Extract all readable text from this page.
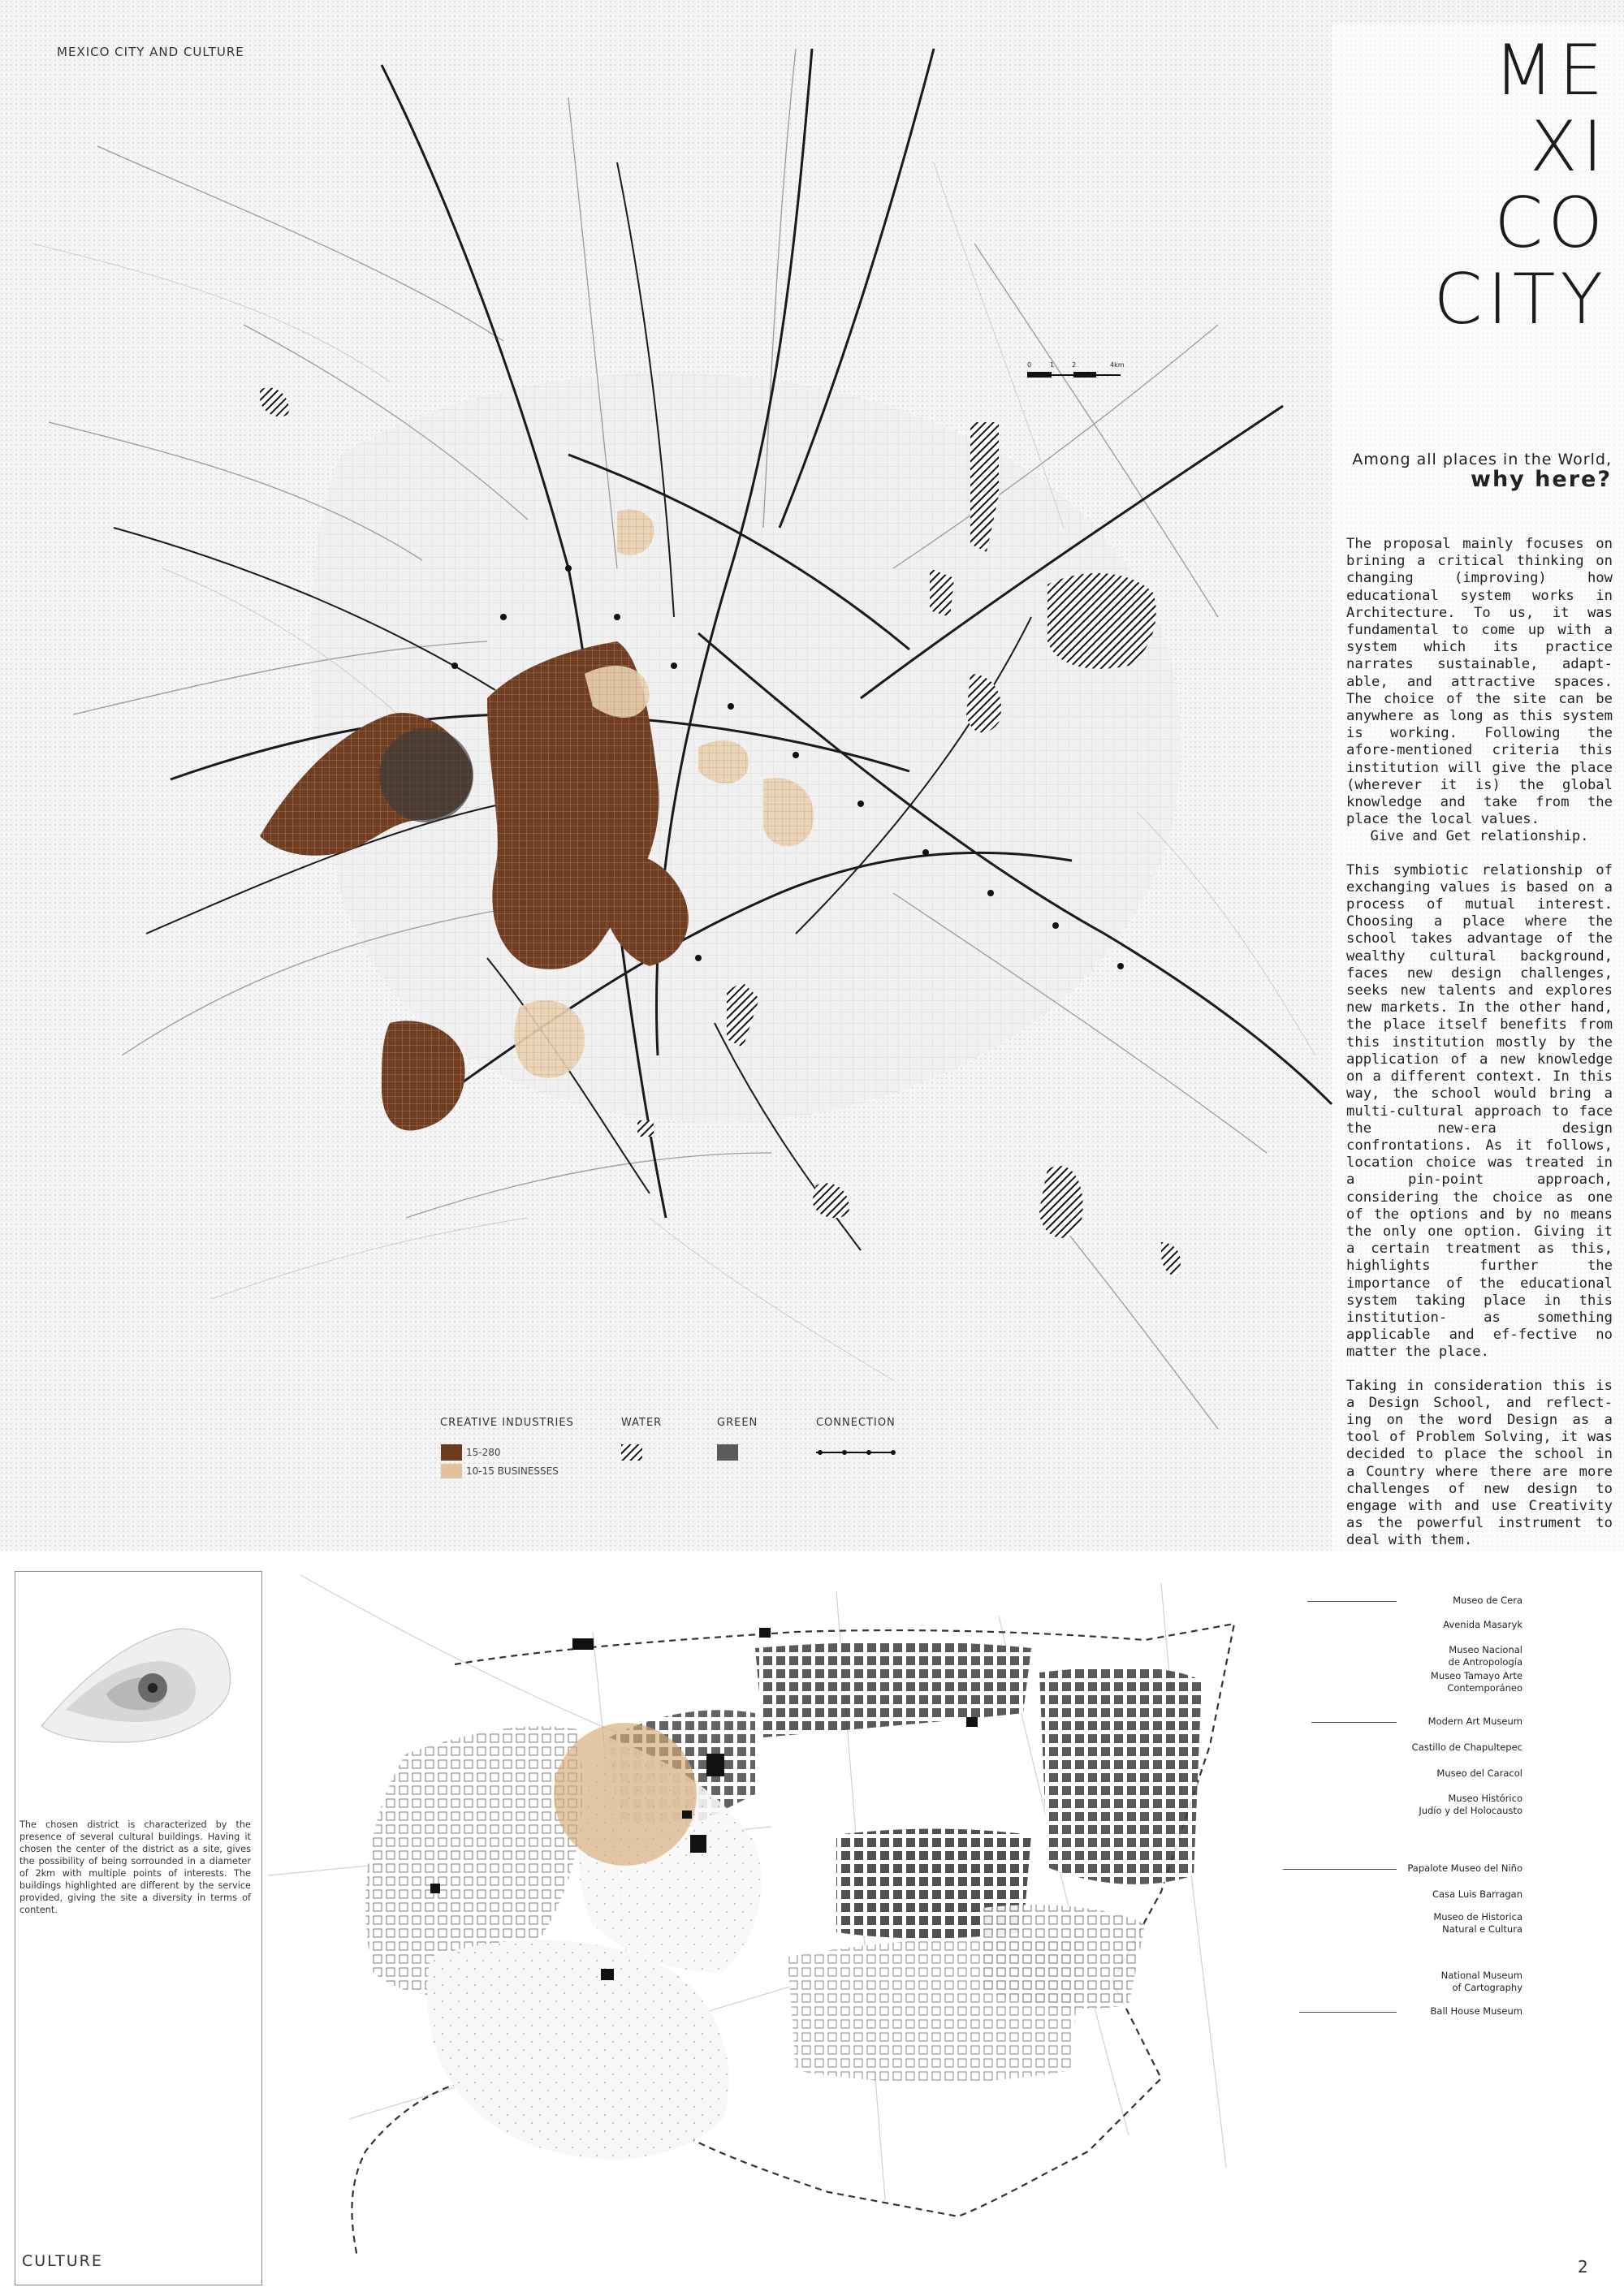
MEXICO CITY AND CULTURE	ME
XI
CO
CITY
0	1	2	4km
Among all places in the World,
why here?

The proposal mainly focuses on brining a critical thinking on changing (improving) how educational system works in Architecture. To us, it was fundamental to come up with a system which its practice narrates sustainable, adapt-able, and attractive spaces. The choice of the site can be anywhere as long as this system is working. Following the afore-mentioned criteria this institution will give the place (wherever it is) the global knowledge and take from the place the local values.

Give and Get relationship.

This symbiotic relationship of exchanging values is based on a process of mutual interest. Choosing a place where the school takes advantage of the wealthy cultural background, faces new design challenges, seeks new talents and explores new markets. In the other hand, the place itself benefits from this institution mostly by the application of a new knowledge on a different context. In this way, the school would bring a multi-cultural approach to face the new-era design confrontations. As it follows, location choice was treated in a pin-point approach, considering the choice as one of the options and by no means the only one option. Giving it a certain treatment as this, highlights further the importance of the educational system taking place in this institution- as something applicable and ef-fective no matter the place.

Taking in consideration this is a Design School, and reflect-ing on the word Design as a tool of Problem Solving, it was decided to place the school in a Country where there are more challenges of new design to engage with and use Creativity as the powerful instrument to deal with them.

CREATIVE INDUSTRIES
15-280
10-15 BUSINESSES
WATER	GREEN	CONNECTION
The chosen district is characterized by the presence of several cultural buildings. Having it chosen the center of the district as a site, gives the possibility of being sorrounded in a diameter of 2km with multiple points of interests. The buildings highlighted are different by the service provided, giving the site a diversity in terms of content.
CULTURE
Museo de Cera
Avenida Masaryk
Museo Nacional
de Antropología
Museo Tamayo Arte
Contemporáneo
Modern Art Museum
Castillo de Chapultepec
Museo del Caracol
Museo Histórico
Judío y del Holocausto
Papalote Museo del Niño
Casa Luis Barragan
Museo de Historica
Natural e Cultura
National Museum
of Cartography
Ball House Museum
2
